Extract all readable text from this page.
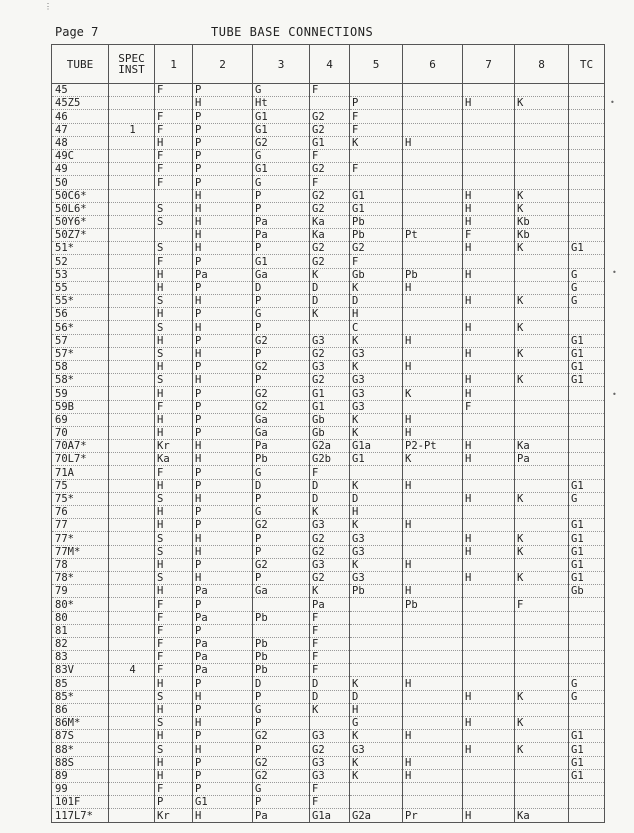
Page 7	TUBE BASE CONNECTIONS
TUBE	SPEC INST	1	2	3	4	5	6	7	8	TC
45		F	P	G	F					
45Z5			H	Ht		P		H	K	
46		F	P	G1	G2	F				
47	1	F	P	G1	G2	F				
48		H	P	G2	G1	K	H			
49C		F	P	G	F					
49		F	P	G1	G2	F				
50		F	P	G	F					
50C6*			H	P	G2	G1		H	K	
50L6*		S	H	P	G2	G1		H	K	
50Y6*		S	H	Pa	Ka	Pb		H	Kb	
50Z7*			H	Pa	Ka	Pb	Pt	F	Kb	
51*		S	H	P	G2	G2		H	K	G1
52		F	P	G1	G2	F				
53		H	Pa	Ga	K	Gb	Pb	H		G
55		H	P	D	D	K	H			G
55*		S	H	P	D	D		H	K	G
56		H	P	G	K	H				
56*		S	H	P		C		H	K	
57		H	P	G2	G3	K	H			G1
57*		S	H	P	G2	G3		H	K	G1
58		H	P	G2	G3	K	H			G1
58*		S	H	P	G2	G3		H	K	G1
59		H	P	G2	G1	G3	K	H		
59B		F	P	G2	G1	G3		F		
69		H	P	Ga	Gb	K	H			
70		H	P	Ga	Gb	K	H			
70A7*		Kr	H	Pa	G2a	G1a	P2-Pt	H	Ka	
70L7*		Ka	H	Pb	G2b	G1	K	H	Pa	
71A		F	P	G	F					
75		H	P	D	D	K	H			G1
75*		S	H	P	D	D		H	K	G
76		H	P	G	K	H				
77		H	P	G2	G3	K	H			G1
77*		S	H	P	G2	G3		H	K	G1
77M*		S	H	P	G2	G3		H	K	G1
78		H	P	G2	G3	K	H			G1
78*		S	H	P	G2	G3		H	K	G1
79		H	Pa	Ga	K	Pb	H			Gb
80*		F	P		Pa		Pb		F	
80		F	Pa	Pb	F					
81		F	P		F					
82		F	Pa	Pb	F					
83		F	Pa	Pb	F					
83V	4	F	Pa	Pb	F					
85		H	P	D	D	K	H			G
85*		S	H	P	D	D		H	K	G
86		H	P	G	K	H				
86M*		S	H	P		G		H	K	
87S		H	P	G2	G3	K	H			G1
88*		S	H	P	G2	G3		H	K	G1
88S		H	P	G2	G3	K	H			G1
89		H	P	G2	G3	K	H			G1
99		F	P	G	F					
101F		P	G1	P	F					
117L7*		Kr	H	Pa	G1a	G2a	Pr	H	Ka	
⋮
•
•
•
